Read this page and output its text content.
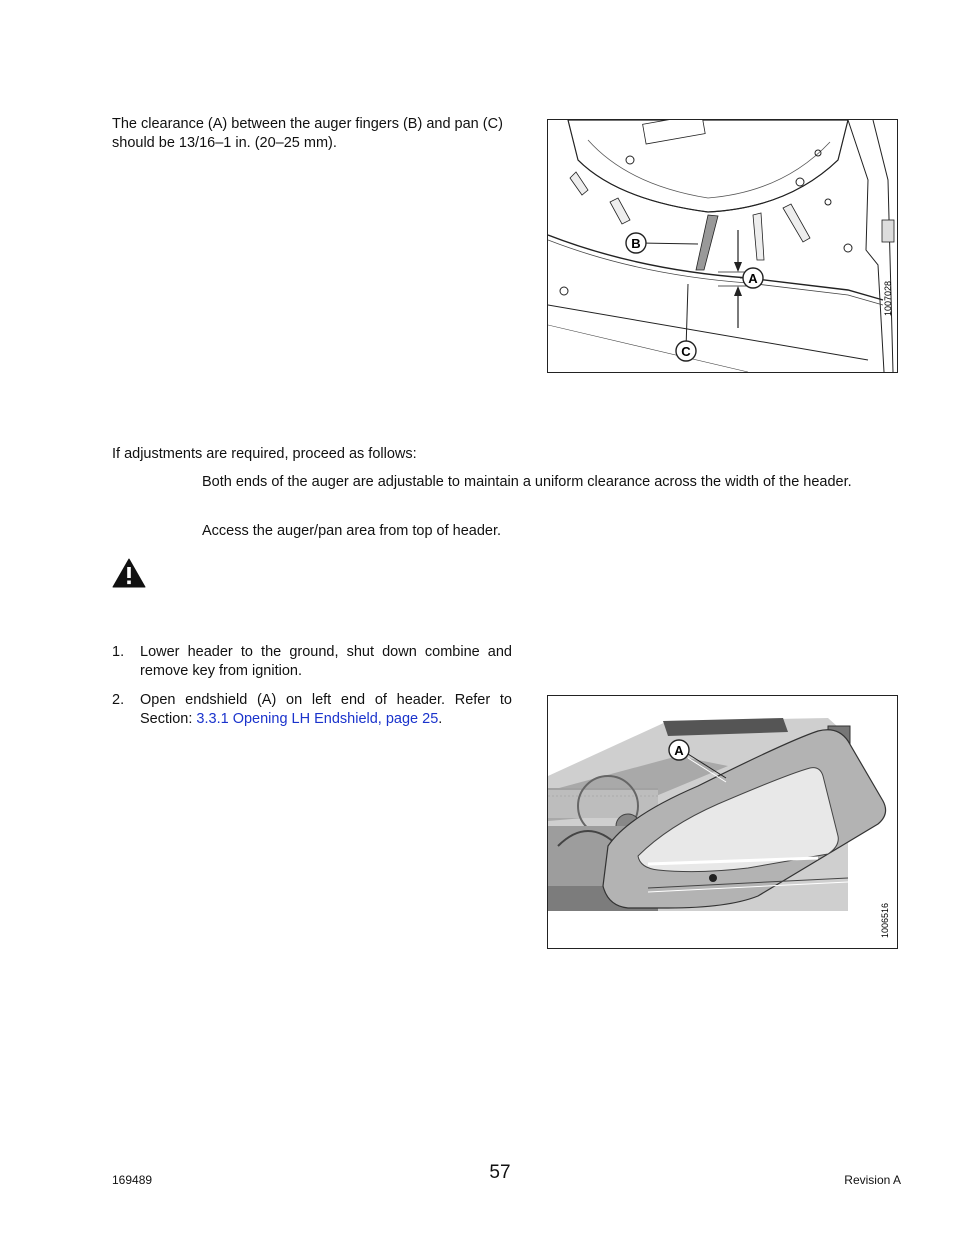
The clearance (A) between the auger fingers (B) and pan (C) should be 13/16–1 in. (20–25 mm).

B
A
C
1007028

If adjustments are required, proceed as follows:

Both ends of the auger are adjustable to maintain a uniform clearance across the width of the header.

Access the auger/pan area from top of header.

1. Lower header to the ground, shut down combine and remove key from ignition.

2. Open endshield (A) on left end of header. Refer to Section: 3.3.1 Opening LH Endshield, page 25.

A
1006516
169489	57	Revision A
